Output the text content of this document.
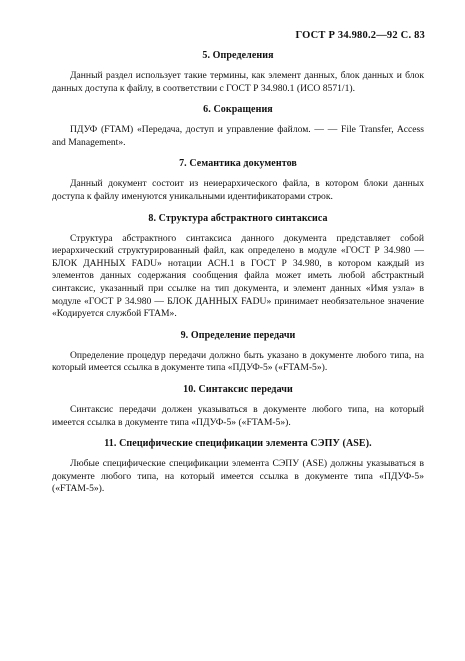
ГОСТ Р 34.980.2—92 С. 83
5. Определения

Данный раздел использует такие термины, как элемент данных, блок данных и блок данных доступа к файлу, в соответствии с ГОСТ Р 34.980.1 (ИСО 8571/1).

6. Сокращения

ПДУФ (FTAM) «Передача, доступ и управление файлом. — — File Transfer, Access and Management».

7. Семантика документов

Данный документ состоит из неиерархического файла, в котором блоки данных доступа к файлу именуются уникальными идентификаторами строк.

8. Структура абстрактного синтаксиса

Структура абстрактного синтаксиса данного документа представляет собой иерархический структурированный файл, как определено в модуле «ГОСТ Р 34.980 — БЛОК ДАННЫХ FADU» нотации АСН.1 в ГОСТ Р 34.980, в котором каждый из элементов данных содержания сообщения файла может иметь любой абстрактный синтаксис, указанный при ссылке на тип документа, и элемент данных «Имя узла» в модуле «ГОСТ Р 34.980 — БЛОК ДАННЫХ FADU» принимает необязательное значение «Кодируется службой FTAM».

9. Определение передачи

Определение процедур передачи должно быть указано в документе любого типа, на который имеется ссылка в документе типа «ПДУФ-5» («FTAM-5»).

10. Синтаксис передачи

Синтаксис передачи должен указываться в документе любого типа, на который имеется ссылка в документе типа «ПДУФ-5» («FTAM-5»).

11. Специфические спецификации элемента СЭПУ (ASE).

Любые специфические спецификации элемента СЭПУ (ASE) должны указываться в документе любого типа, на который имеется ссылка в документе типа «ПДУФ-5» («FTAM-5»).
